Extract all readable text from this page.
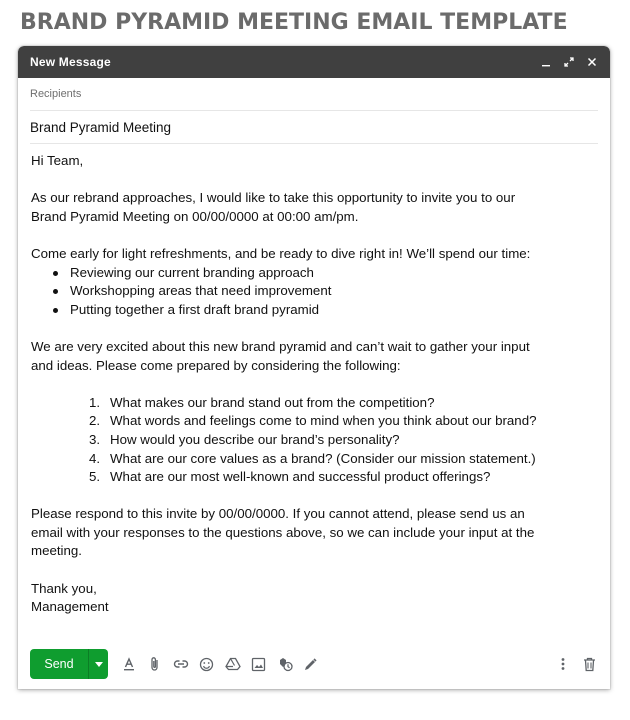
BRAND PYRAMID MEETING EMAIL TEMPLATE
New Message
Recipients
Brand Pyramid Meeting

Hi Team,

As our rebrand approaches, I would like to take this opportunity to invite you to our

Brand Pyramid Meeting on 00/00/0000 at 00:00 am/pm.

Come early for light refreshments, and be ready to dive right in! We’ll spend our time:

Reviewing our current branding approach
Workshopping areas that need improvement
Putting together a first draft brand pyramid

We are very excited about this new brand pyramid and can’t wait to gather your input

and ideas. Please come prepared by considering the following:

1. What makes our brand stand out from the competition?
2. What words and feelings come to mind when you think about our brand?
3. How would you describe our brand’s personality?
4. What are our core values as a brand? (Consider our mission statement.)
5. What are our most well-known and successful product offerings?

Please respond to this invite by 00/00/0000. If you cannot attend, please send us an

email with your responses to the questions above, so we can include your input at the

meeting.

Thank you,

Management

Send
